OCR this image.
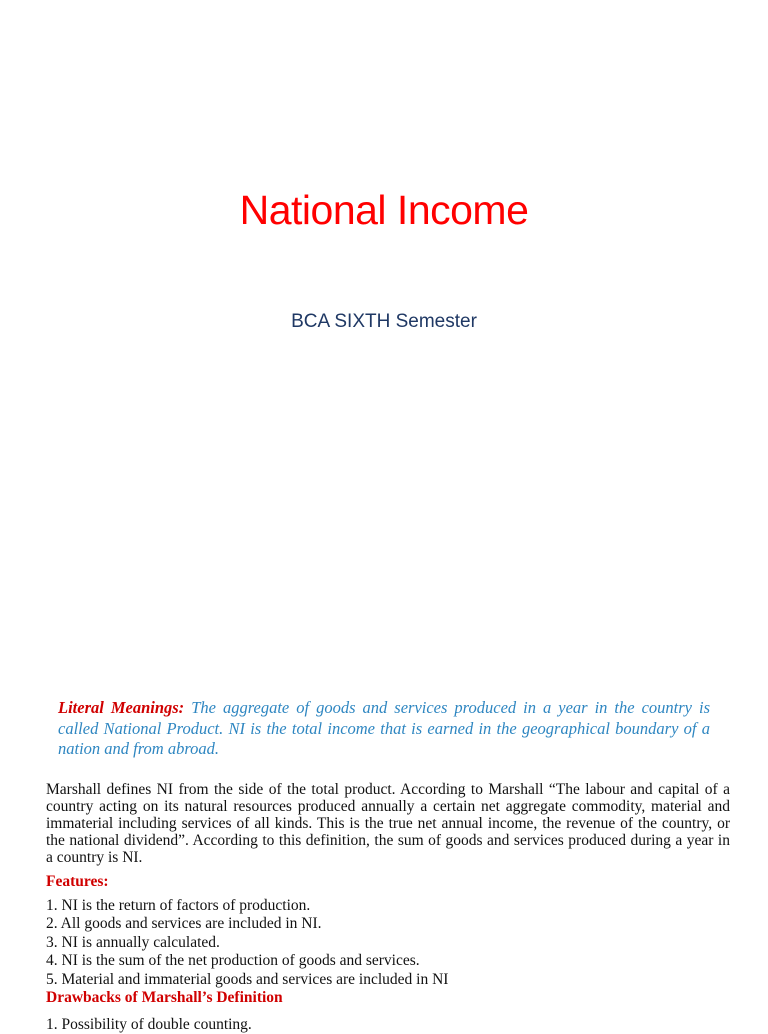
National Income
BCA SIXTH Semester

Literal Meanings: The aggregate of goods and services produced in a year in the country is called National Product. NI is the total income that is earned in the geographical boundary of a nation and from abroad.

Marshall defines NI from the side of the total product. According to Marshall “The labour and capital of a country acting on its natural resources produced annually a certain net aggregate commodity, material and immaterial including services of all kinds. This is the true net annual income, the revenue of the country, or the national dividend”. According to this definition, the sum of goods and services produced during a year in a country is NI.

Features:
1. NI is the return of factors of production.
2. All goods and services are included in NI.
3. NI is annually calculated.
4. NI is the sum of the net production of goods and services.
5. Material and immaterial goods and services are included in NI
Drawbacks of Marshall’s Definition
1. Possibility of double counting.
